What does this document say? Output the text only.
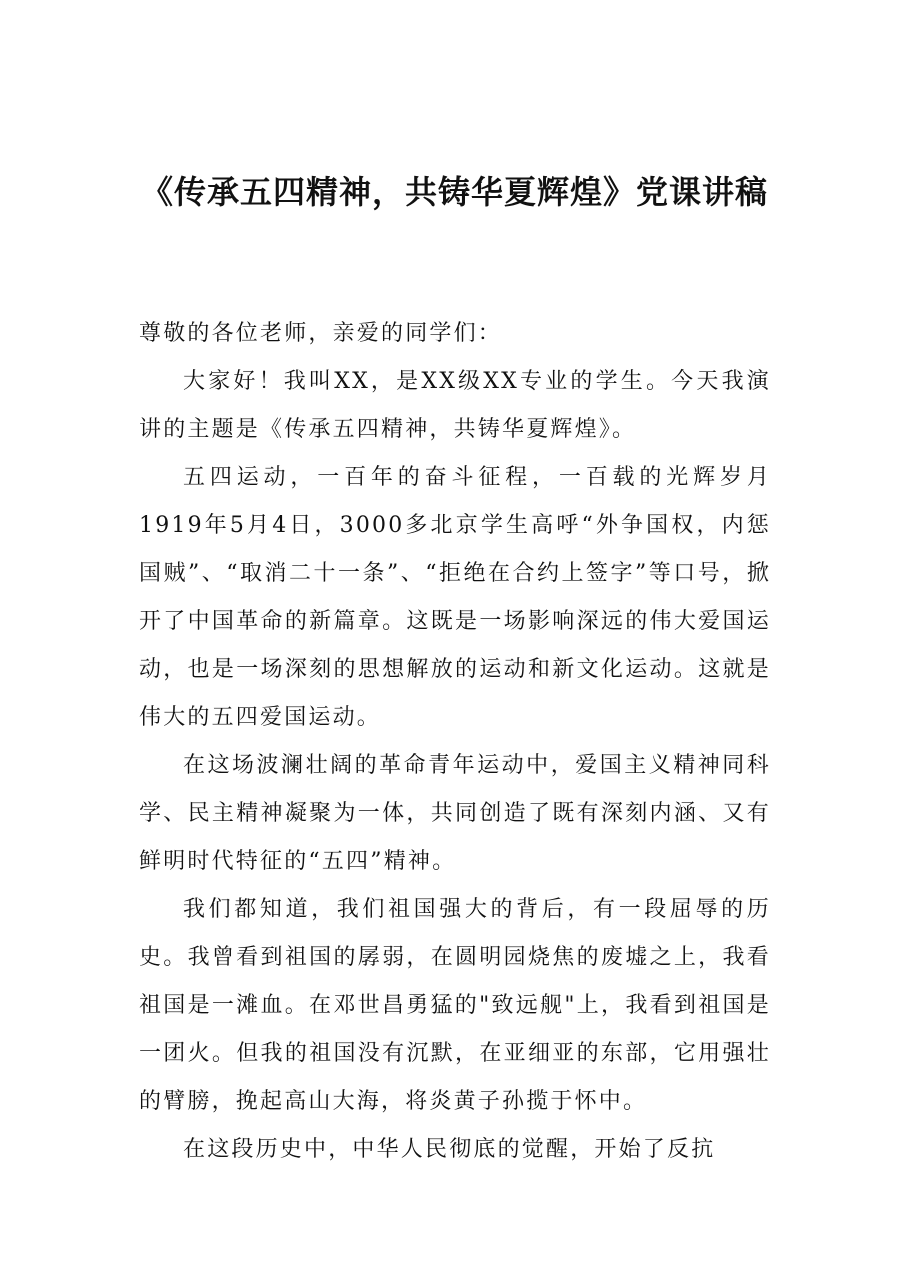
《传承五四精神，共铸华夏辉煌》党课讲稿

尊敬的各位老师，亲爱的同学们：

大家好！我叫XX，是XX级XX专业的学生。今天我演讲的主题是《传承五四精神，共铸华夏辉煌》。

五四运动，一百年的奋斗征程，一百载的光辉岁月1919年5月4日，3000多北京学生高呼“外争国权，内惩国贼”、“取消二十一条”、“拒绝在合约上签字”等口号，掀开了中国革命的新篇章。这既是一场影响深远的伟大爱国运动，也是一场深刻的思想解放的运动和新文化运动。这就是伟大的五四爱国运动。

在这场波澜壮阔的革命青年运动中，爱国主义精神同科学、民主精神凝聚为一体，共同创造了既有深刻内涵、又有鲜明时代特征的“五四”精神。

我们都知道，我们祖国强大的背后，有一段屈辱的历史。我曾看到祖国的孱弱，在圆明园烧焦的废墟之上，我看祖国是一滩血。在邓世昌勇猛的"致远舰"上，我看到祖国是一团火。但我的祖国没有沉默，在亚细亚的东部，它用强壮的臂膀，挽起高山大海，将炎黄子孙揽于怀中。

在这段历史中，中华人民彻底的觉醒，开始了反抗
